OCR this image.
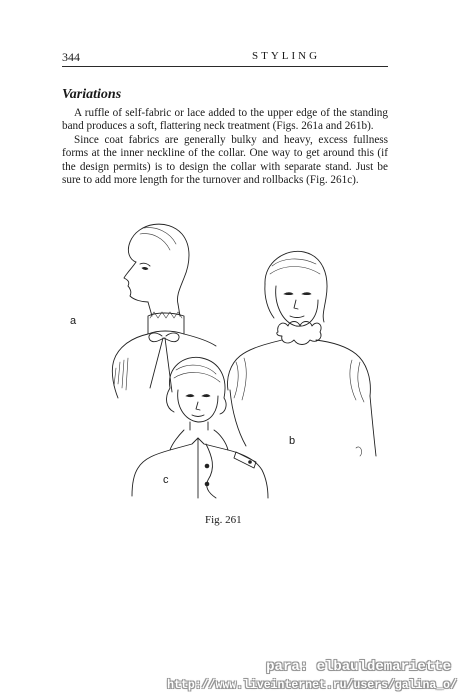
344	STYLING
Variations

A ruffle of self-fabric or lace added to the upper edge of the standing band produces a soft, flattering neck treatment (Figs. 261a and 261b).

Since coat fabrics are generally bulky and heavy, excess fullness forms at the inner neckline of the collar. One way to get around this (if the design permits) is to design the collar with separate stand. Just be sure to add more length for the turnover and rollbacks (Fig. 261c).

a
b
c
Fig. 261
para: elbauldemariette
http://www.liveinternet.ru/users/galina_o/
